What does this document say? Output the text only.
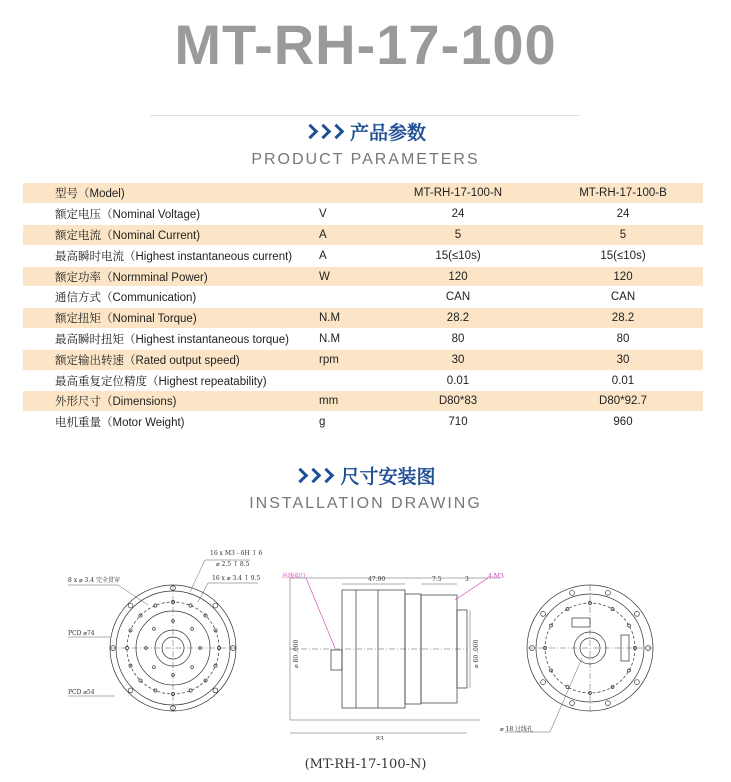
MT-RH-17-100
产品参数
PRODUCT PARAMETERS
型号（Model)		MT-RH-17-100-N	MT-RH-17-100-B
额定电压（Nominal Voltage)	V	24	24
额定电流（Nominal Current)	A	5	5
最高瞬时电流（Highest instantaneous current)	A	15(≤10s)	15(≤10s)
额定功率（Normminal Power)	W	120	120
通信方式（Communication)		CAN	CAN
额定扭矩（Nominal Torque)	N.M	28.2	28.2
最高瞬时扭矩（Highest instantaneous torque)	N.M	80	80
额定输出转速（Rated output speed)	rpm	30	30
最高重复定位精度（Highest repeatability)		0.01	0.01
外形尺寸（Dimensions)	mm	D80*83	D80*92.7
电机重量（Motor Weight)	g	710	960
尺寸安装图
INSTALLATION DRAWING
16 x M3 - 6H ↧ 6
⌀ 2.5 ↧ 8.5
8 x ⌀ 3.4 完全贯穿	16 x ⌀ 3.4 ↧ 9.5
PCD ⌀74
PCD ⌀54
出线端口	47.90	7.5	3	4-M3
⌀ 80 .000	⌀ 60 .000
83
⌀ 18 过线孔
(MT-RH-17-100-N)
